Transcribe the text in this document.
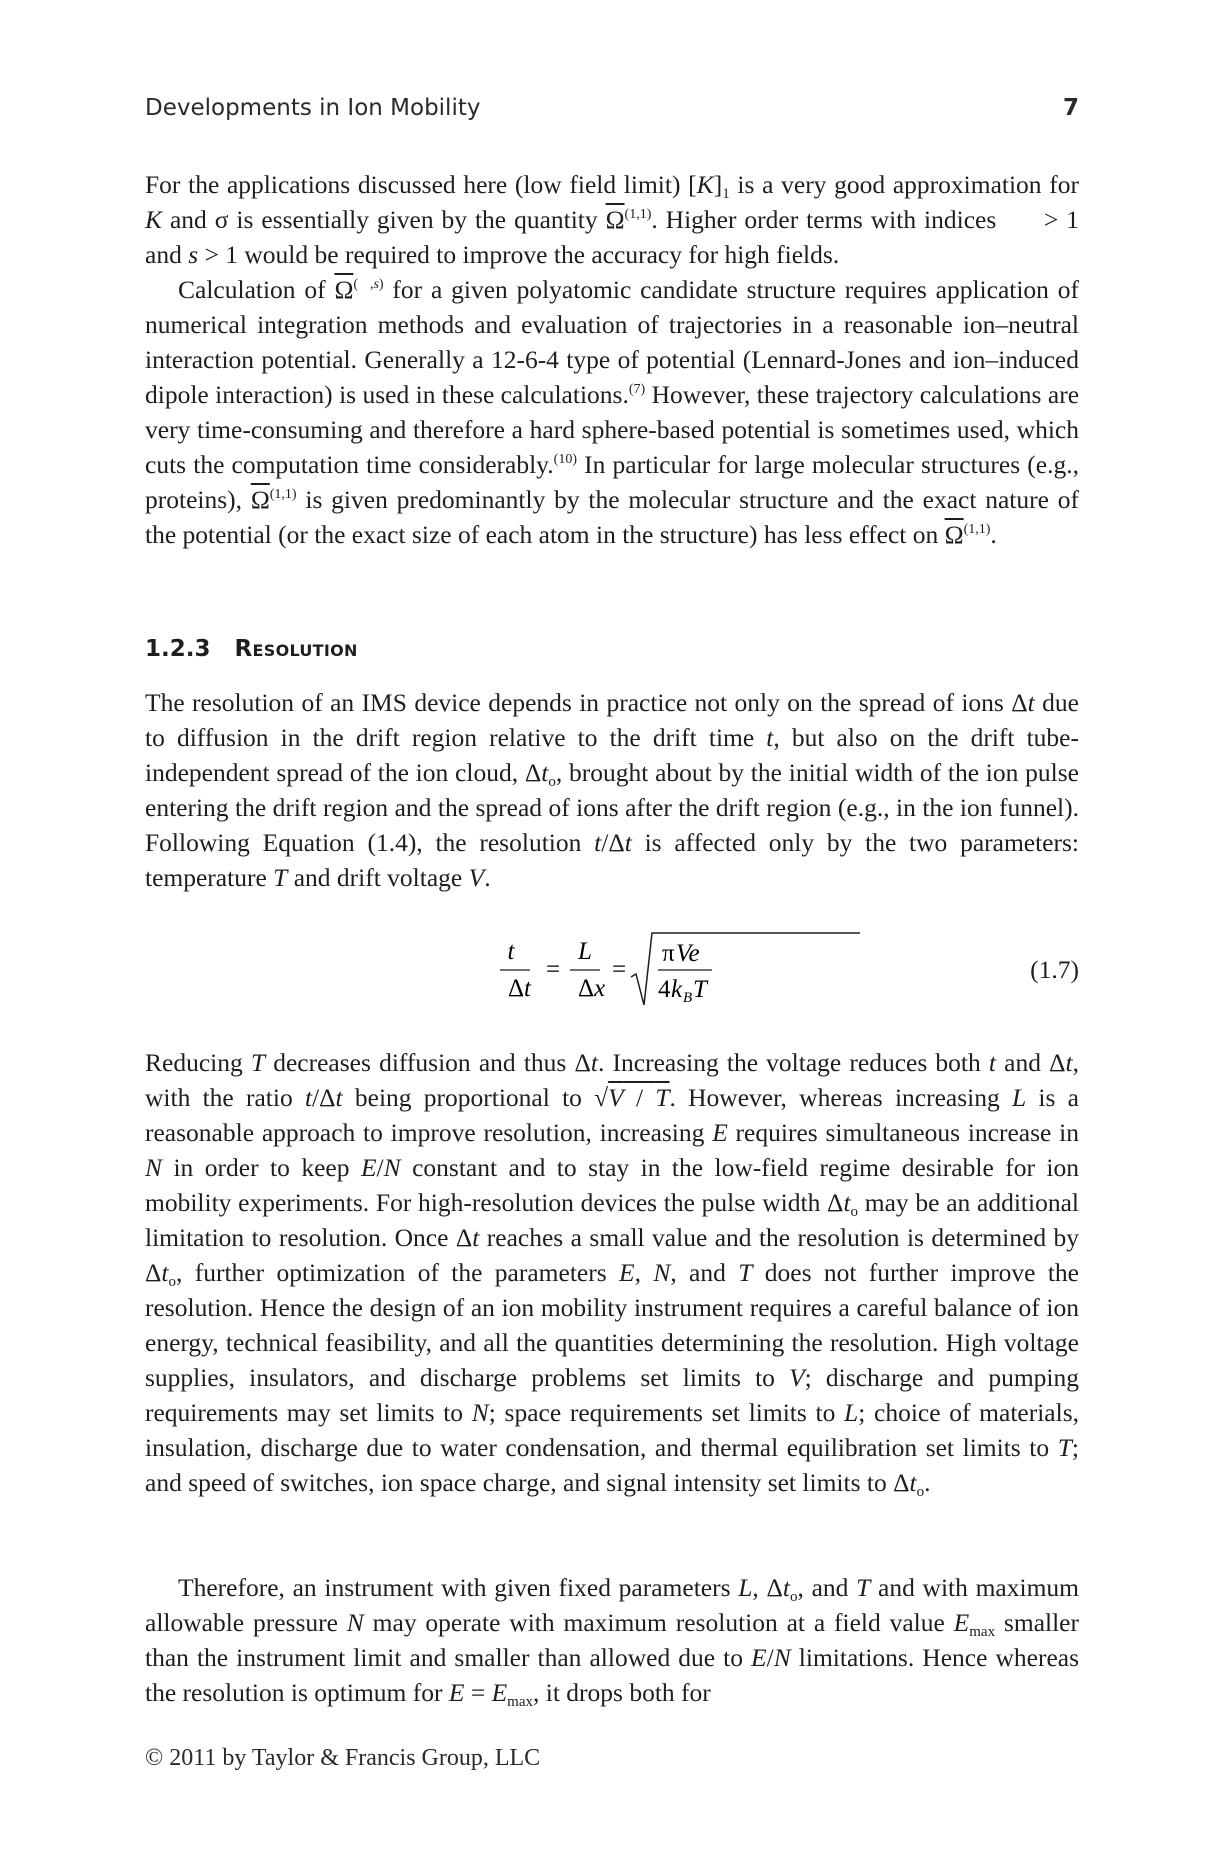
Developments in Ion Mobility	7

For the applications discussed here (low field limit) $[K]_1$ is a very good approximation for K and σ is essentially given by the quantity $\overline{\Omega}^{(1,1)}$. Higher order terms with indices      > 1 and s > 1 would be required to improve the accuracy for high fields.

Calculation of $\overline{\Omega}^{( ,s)}$ for a given polyatomic candidate structure requires application of numerical integration methods and evaluation of trajectories in a reasonable ion–neutral interaction potential. Generally a 12-6-4 type of potential (Lennard-Jones and ion–induced dipole interaction) is used in these calculations.$^{(7)}$ However, these trajectory calculations are very time-consuming and therefore a hard sphere-based potential is sometimes used, which cuts the computation time considerably.$^{(10)}$ In particular for large molecular structures (e.g., proteins), $\overline{\Omega}^{(1,1)}$ is given predominantly by the molecular structure and the exact nature of the potential (or the exact size of each atom in the structure) has less effect on $\overline{\Omega}^{(1,1)}$.

1.2.3 Resolution

The resolution of an IMS device depends in practice not only on the spread of ions Δt due to diffusion in the drift region relative to the drift time t, but also on the drift tube-independent spread of the ion cloud, $\Delta t_o$, brought about by the initial width of the ion pulse entering the drift region and the spread of ions after the drift region (e.g., in the ion funnel). Following Equation (1.4), the resolution t/Δt is affected only by the two parameters: temperature T and drift voltage V.

t
Δ t
=
L
Δ x
=
π Ve
4 k B T
(1.7)

Reducing T decreases diffusion and thus Δt. Increasing the voltage reduces both t and Δt, with the ratio t/Δt being proportional to √V / T. However, whereas increasing L is a reasonable approach to improve resolution, increasing E requires simultaneous increase in N in order to keep E/N constant and to stay in the low-field regime desirable for ion mobility experiments. For high-resolution devices the pulse width $\Delta t_o$ may be an additional limitation to resolution. Once Δt reaches a small value and the resolution is determined by $\Delta t_o$, further optimization of the parameters E, N, and T does not further improve the resolution. Hence the design of an ion mobility instrument requires a careful balance of ion energy, technical feasibility, and all the quantities determining the resolution. High voltage supplies, insulators, and discharge problems set limits to V; discharge and pumping requirements may set limits to N; space requirements set limits to L; choice of materials, insulation, discharge due to water condensation, and thermal equilibration set limits to T; and speed of switches, ion space charge, and signal intensity set limits to $\Delta t_o$.

Therefore, an instrument with given fixed parameters L, $\Delta t_o$, and T and with maximum allowable pressure N may operate with maximum resolution at a field value $E_{max}$ smaller than the instrument limit and smaller than allowed due to E/N limitations. Hence whereas the resolution is optimum for $E = E_{max}$, it drops both for

© 2011 by Taylor & Francis Group, LLC
